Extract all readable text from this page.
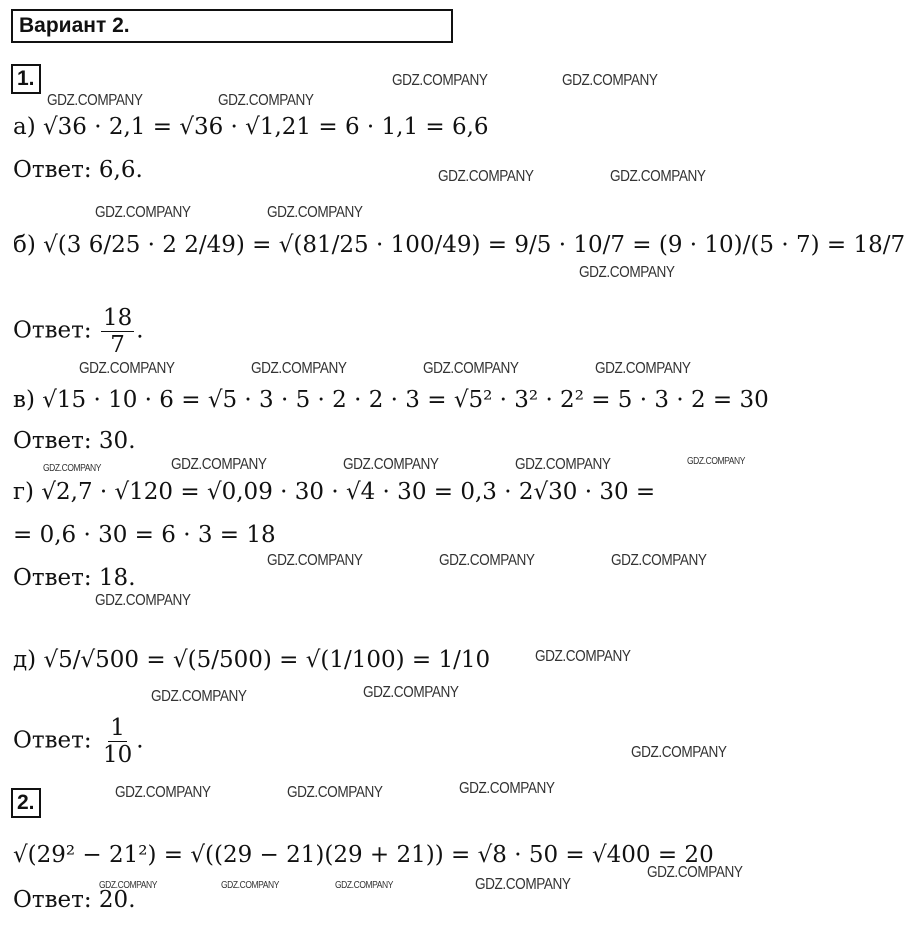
Вариант 2.
1.
а) √36 · 2,1 = √36 · √1,21 = 6 · 1,1 = 6,6
Ответ: 6,6.
б) √(3 6/25 · 2 2/49) = √(81/25 · 100/49) = 9/5 · 10/7 = (9 · 10)/(5 · 7) = 18/7
Ответ: $\frac{18}{7}$ .
в) √15 · 10 · 6 = √5 · 3 · 5 · 2 · 2 · 3 = √5² · 3² · 2² = 5 · 3 · 2 = 30
Ответ: 30.
г) √2,7 · √120 = √0,09 · 30 · √4 · 30 = 0,3 · 2√30 · 30 =
= 0,6 · 30 = 6 · 3 = 18
Ответ: 18.
д) √5/√500 = √(5/500) = √(1/100) = 1/10
Ответ: $\frac{1}{10}$ .
2.
√(29² − 21²) = √((29 − 21)(29 + 21)) = √8 · 50 = √400 = 20
Ответ: 20.
GDZ.COMPANY	GDZ.COMPANY
GDZ.COMPANY	GDZ.COMPANY
GDZ.COMPANY	GDZ.COMPANY
GDZ.COMPANY	GDZ.COMPANY
GDZ.COMPANY
GDZ.COMPANY	GDZ.COMPANY	GDZ.COMPANY	GDZ.COMPANY
GDZ.COMPANY	GDZ.COMPANY	GDZ.COMPANY	GDZ.COMPANY	GDZ.COMPANY
GDZ.COMPANY	GDZ.COMPANY	GDZ.COMPANY
GDZ.COMPANY
GDZ.COMPANY
GDZ.COMPANY	GDZ.COMPANY
GDZ.COMPANY
GDZ.COMPANY	GDZ.COMPANY	GDZ.COMPANY
GDZ.COMPANY
GDZ.COMPANY	GDZ.COMPANY	GDZ.COMPANY	GDZ.COMPANY
